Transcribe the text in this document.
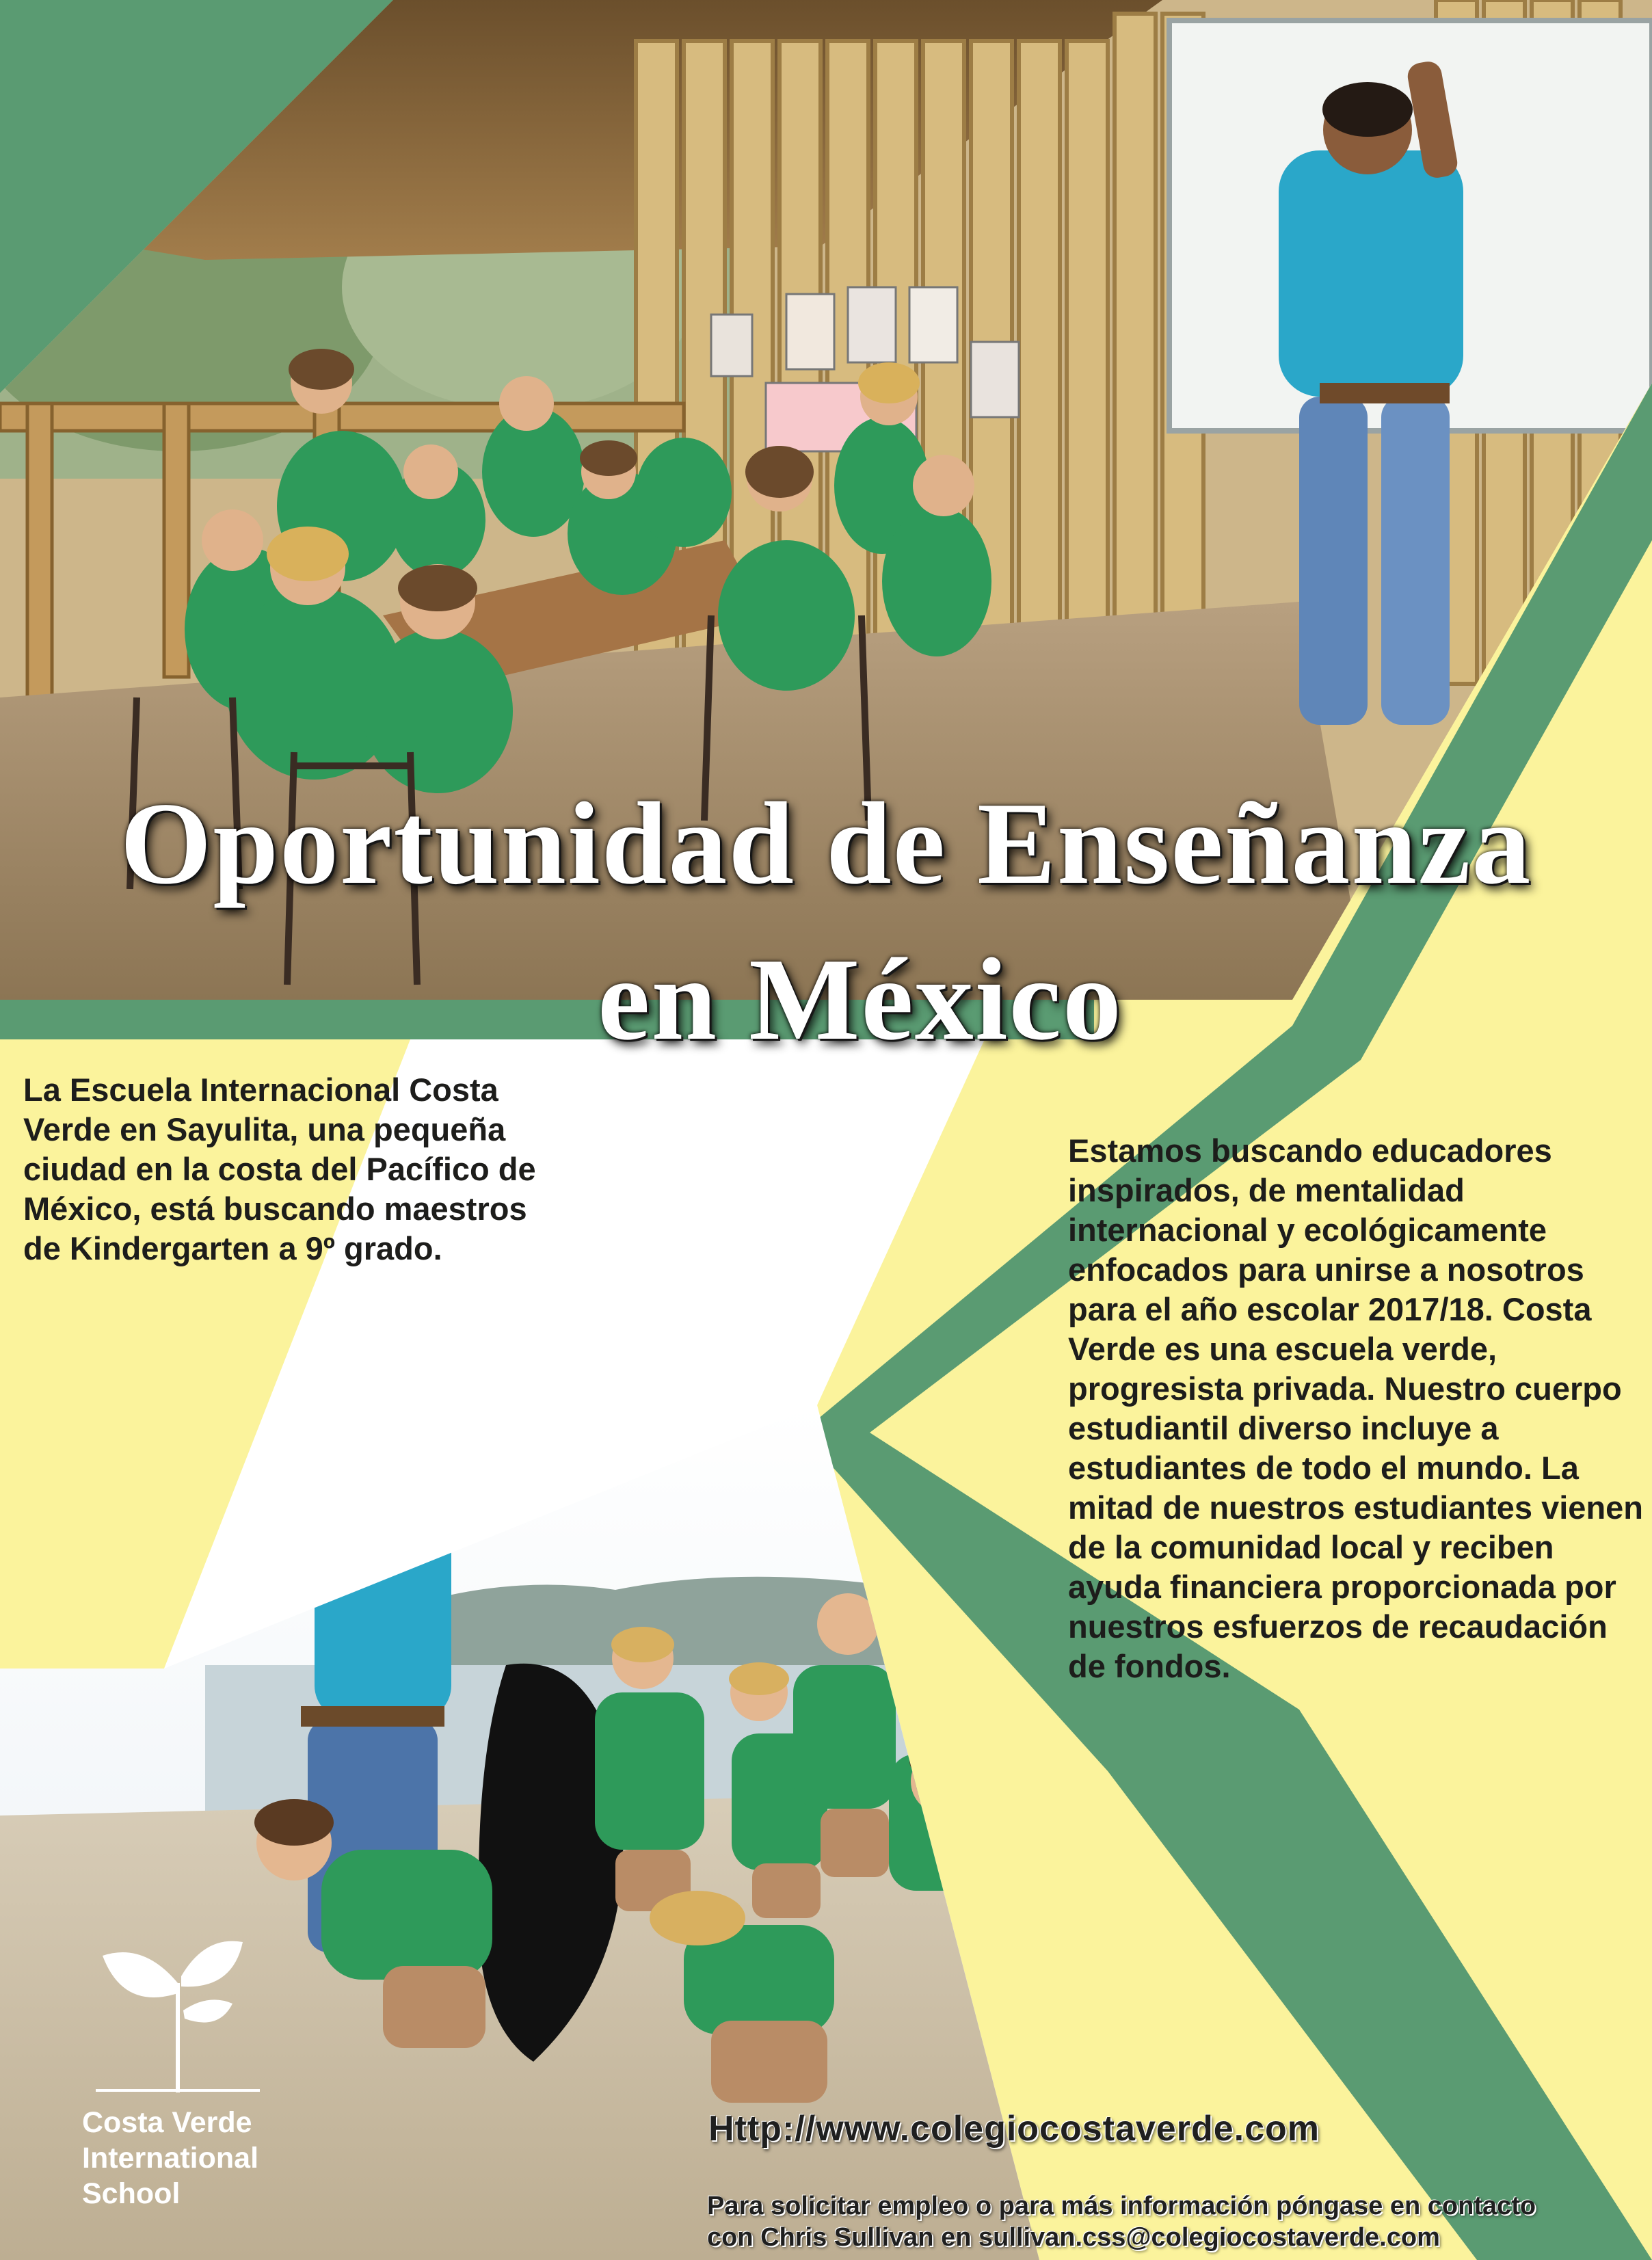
Oportunidad de Enseñanza
en México
La Escuela Internacional Costa Verde en Sayulita, una pequeña ciudad en la costa del Pacífico de México, está buscando maestros de Kindergarten a 9º grado.
Estamos buscando educadores inspirados, de mentalidad internacional y ecológicamente enfocados para unirse a nosotros para el año escolar 2017/18. Costa Verde es una escuela verde, progresista privada. Nuestro cuerpo estudiantil diverso incluye a estudiantes de todo el mundo. La mitad de nuestros estudiantes vienen de la comunidad local y reciben ayuda financiera proporcionada por nuestros esfuerzos de recaudación de fondos.
Http://www.colegiocostaverde.com
Para solicitar empleo o para más información póngase en contacto
con Chris Sullivan en sullivan.css@colegiocostaverde.com
Costa Verde
International
School
